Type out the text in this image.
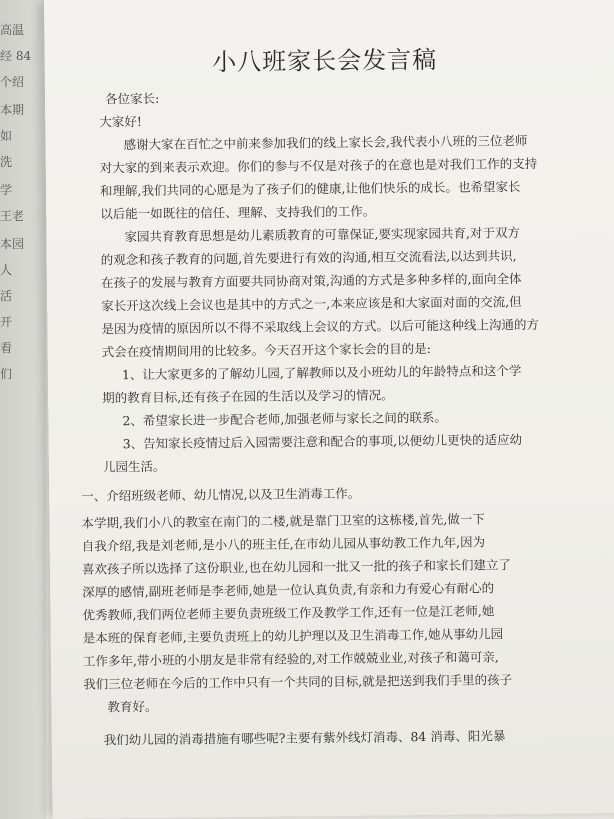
高温
经 84
个绍
本期
如
洗
学
王老
本园
人
活
开
看
们
小八班家长会发言稿
各位家长:
大家好!
感谢大家在百忙之中前来参加我们的线上家长会,我代表小八班的三位老师
对大家的到来表示欢迎。你们的参与不仅是对孩子的在意也是对我们工作的支持
和理解,我们共同的心愿是为了孩子们的健康,让他们快乐的成长。也希望家长
以后能一如既往的信任、理解、支持我们的工作。
家园共育教育思想是幼儿素质教育的可靠保证,要实现家园共育,对于双方
的观念和孩子教育的问题,首先要进行有效的沟通,相互交流看法,以达到共识,
在孩子的发展与教育方面要共同协商对策,沟通的方式是多种多样的,面向全体
家长开这次线上会议也是其中的方式之一,本来应该是和大家面对面的交流,但
是因为疫情的原因所以不得不采取线上会议的方式。以后可能这种线上沟通的方
式会在疫情期间用的比较多。今天召开这个家长会的目的是:
1、让大家更多的了解幼儿园,了解教师以及小班幼儿的年龄特点和这个学
期的教育目标,还有孩子在园的生活以及学习的情况。
2、希望家长进一步配合老师,加强老师与家长之间的联系。
3、告知家长疫情过后入园需要注意和配合的事项,以便幼儿更快的适应幼
儿园生活。
一、介绍班级老师、幼儿情况,以及卫生消毒工作。
本学期,我们小八的教室在南门的二楼,就是靠门卫室的这栋楼,首先,做一下
自我介绍,我是刘老师,是小八的班主任,在市幼儿园从事幼教工作九年,因为
喜欢孩子所以选择了这份职业,也在幼儿园和一批又一批的孩子和家长们建立了
深厚的感情,副班老师是李老师,她是一位认真负责,有亲和力有爱心有耐心的
优秀教师,我们两位老师主要负责班级工作及教学工作,还有一位是江老师,她
是本班的保育老师,主要负责班上的幼儿护理以及卫生消毒工作,她从事幼儿园
工作多年,带小班的小朋友是非常有经验的,对工作兢兢业业,对孩子和蔼可亲,
我们三位老师在今后的工作中只有一个共同的目标,就是把送到我们手里的孩子
教育好。
我们幼儿园的消毒措施有哪些呢?主要有紫外线灯消毒、84 消毒、阳光暴
